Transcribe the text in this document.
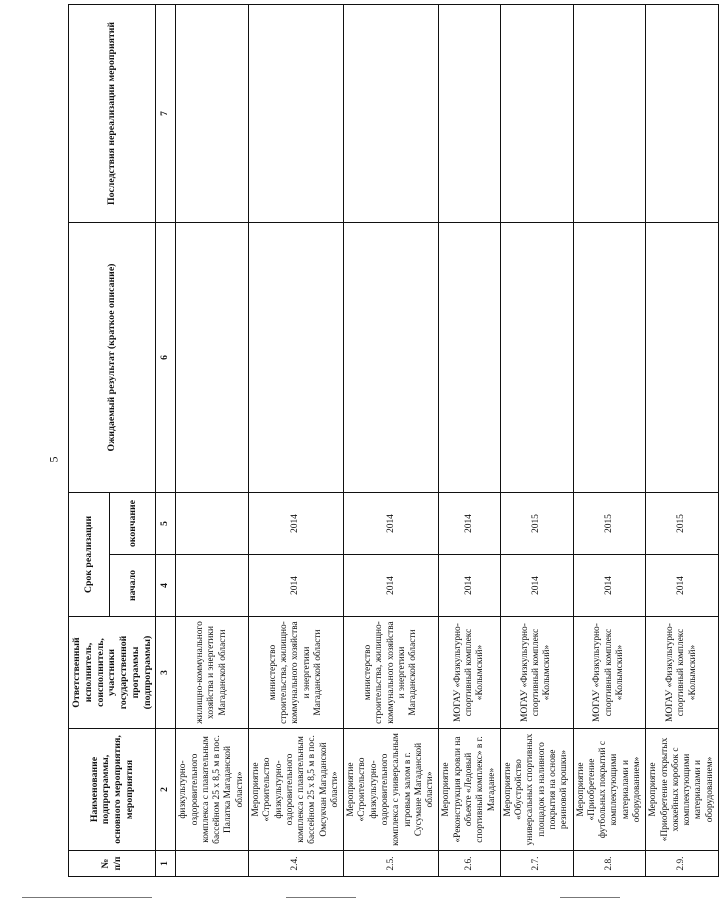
5
№ п/п	Наименование подпрограммы, основного мероприятия, мероприятия	Ответственный исполнитель, соисполнитель, участники государственной программы (подпрограммы)	Срок реализации		Ожидаемый результат (краткое описание)	Последствия нереализации мероприятий
			начало	окончание		
1	2	3	4	5	6	7
	физкультурно-оздоровительного комплекса с плавательным бассейном 25 х 8,5 м в пос. Палатка Магаданской области»	жилищно-коммунального хозяйства и энергетики Магаданской области				
2.4.	Мероприятие «Строительство физкультурно-оздоровительного комплекса с плавательным бассейном 25 х 8,5 м в пос. Омсукчан Магаданской области»	министерство строительства, жилищно-коммунального хозяйства и энергетики Магаданской области	2014	2014		
2.5.	Мероприятие «Строительство физкультурно-оздоровительного комплекса с универсальным игровым залом в г. Сусумане Магаданской области»	министерство строительства, жилищно-коммунального хозяйства и энергетики Магаданской области	2014	2014		
2.6.	Мероприятие «Реконструкция кровли на объекте «Ледовый спортивный комплекс» в г. Магадане»	МОГАУ «Физкультурно-спортивный комплекс «Колымский»	2014	2014		
2.7.	Мероприятие «Обустройство универсальных спортивных площадок из наливного покрытия на основе резиновой крошки»	МОГАУ «Физкультурно-спортивный комплекс «Колымский»	2014	2015		
2.8.	Мероприятие «Приобретение футбольных покрытий с комплектующими материалами и оборудованием»	МОГАУ «Физкультурно-спортивный комплекс «Колымский»	2014	2015		
2.9.	Мероприятие «Приобретение открытых хоккейных коробок с комплектующими материалами и оборудованием»	МОГАУ «Физкультурно-спортивный комплекс «Колымский»	2014	2015		
